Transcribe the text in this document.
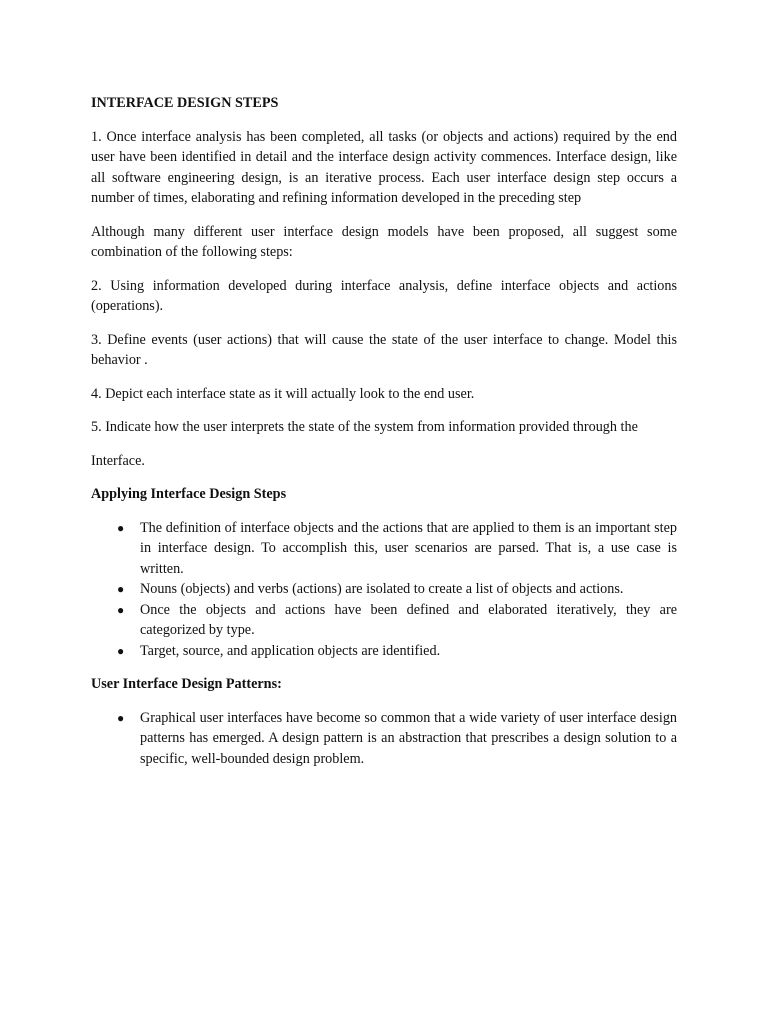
INTERFACE DESIGN STEPS
1. Once interface analysis has been completed, all tasks (or objects and actions) required by the end user have been identified in detail and the interface design activity commences. Interface design, like all software engineering design, is an iterative process. Each user interface design step occurs a number of times, elaborating and refining information developed in the preceding step
Although many different user interface design models have been proposed, all suggest some combination of the following steps:
2. Using information developed during interface analysis, define interface objects and actions (operations).
3. Define events (user actions) that will cause the state of the user interface to change. Model this behavior .
4. Depict each interface state as it will actually look to the end user.
5. Indicate how the user interprets the state of the system from information provided through the
Interface.
Applying Interface Design Steps
● The definition of interface objects and the actions that are applied to them is an important step in interface design. To accomplish this, user scenarios are parsed. That is, a use case is written.
● Nouns (objects) and verbs (actions) are isolated to create a list of objects and actions.
● Once the objects and actions have been defined and elaborated iteratively, they are categorized by type.
● Target, source, and application objects are identified.
User Interface Design Patterns:
● Graphical user interfaces have become so common that a wide variety of user interface design patterns has emerged. A design pattern is an abstraction that prescribes a design solution to a specific, well-bounded design problem.
